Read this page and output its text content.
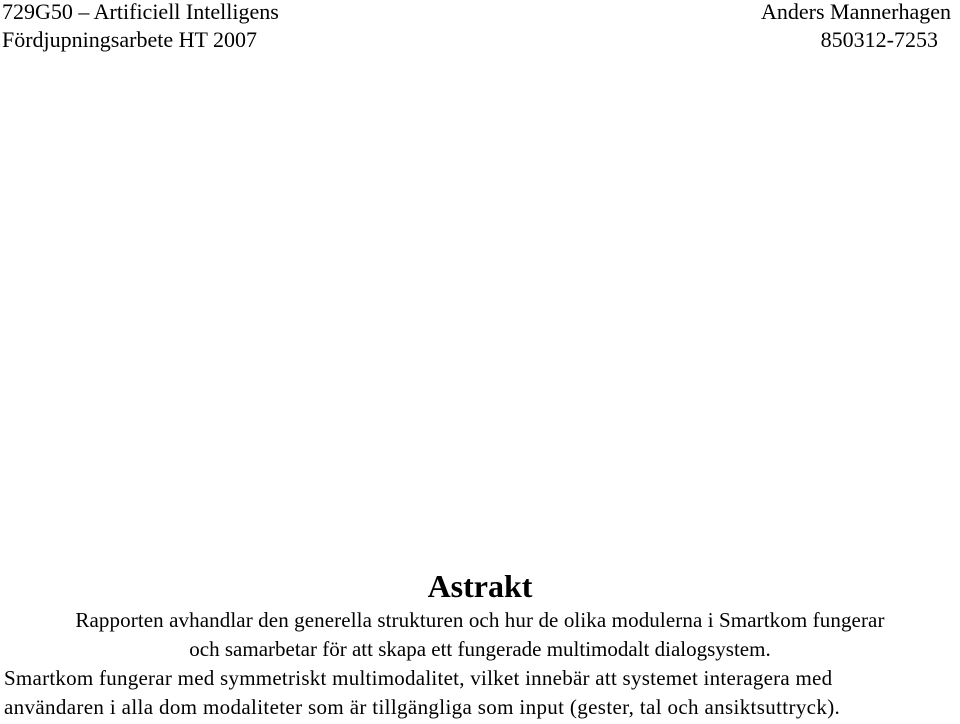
729G50 – Artificiell Intelligens	Anders Mannerhagen
Fördjupningsarbete HT 2007	850312-7253
Astrakt
Rapporten avhandlar den generella strukturen och hur de olika modulerna i Smartkom fungerar
och samarbetar för att skapa ett fungerade multimodalt dialogsystem.
Smartkom fungerar med symmetriskt multimodalitet, vilket innebär att systemet interagera med
användaren i alla dom modaliteter som är tillgängliga som input (gester, tal och ansiktsuttryck).
